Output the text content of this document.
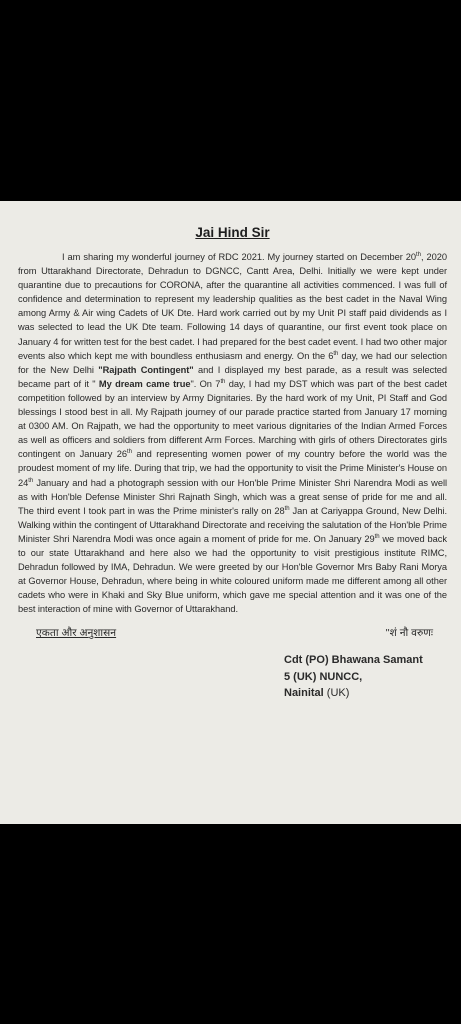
Jai Hind Sir

I am sharing my wonderful journey of RDC 2021. My journey started on December 20th, 2020 from Uttarakhand Directorate, Dehradun to DGNCC, Cantt Area, Delhi. Initially we were kept under quarantine due to precautions for CORONA, after the quarantine all activities commenced. I was full of confidence and determination to represent my leadership qualities as the best cadet in the Naval Wing among Army & Air wing Cadets of UK Dte. Hard work carried out by my Unit PI staff paid dividends as I was selected to lead the UK Dte team. Following 14 days of quarantine, our first event took place on January 4 for written test for the best cadet. I had prepared for the best cadet event. I had two other major events also which kept me with boundless enthusiasm and energy. On the 6th day, we had our selection for the New Delhi "Rajpath Contingent" and I displayed my best parade, as a result was selected became part of it " My dream came true". On 7th day, I had my DST which was part of the best cadet competition followed by an interview by Army Dignitaries. By the hard work of my Unit, PI Staff and God blessings I stood best in all. My Rajpath journey of our parade practice started from January 17 morning at 0300 AM. On Rajpath, we had the opportunity to meet various dignitaries of the Indian Armed Forces as well as officers and soldiers from different Arm Forces. Marching with girls of others Directorates girls contingent on January 26th and representing women power of my country before the world was the proudest moment of my life. During that trip, we had the opportunity to visit the Prime Minister's House on 24th January and had a photograph session with our Hon'ble Prime Minister Shri Narendra Modi as well as with Hon'ble Defense Minister Shri Rajnath Singh, which was a great sense of pride for me and all. The third event I took part in was the Prime minister's rally on 28th Jan at Cariyappa Ground, New Delhi. Walking within the contingent of Uttarakhand Directorate and receiving the salutation of the Hon'ble Prime Minister Shri Narendra Modi was once again a moment of pride for me. On January 29th we moved back to our state Uttarakhand and here also we had the opportunity to visit prestigious institute RIMC, Dehradun followed by IMA, Dehradun. We were greeted by our Hon'ble Governor Mrs Baby Rani Morya at Governor House, Dehradun, where being in white coloured uniform made me different among all other cadets who were in Khaki and Sky Blue uniform, which gave me special attention and it was one of the best interaction of mine with Governor of Uttarakhand.

एकता और अनुशासन	''शं नौ वरुणः
Cdt (PO) Bhawana Samant
5 (UK) NUNCC,
Nainital (UK)
